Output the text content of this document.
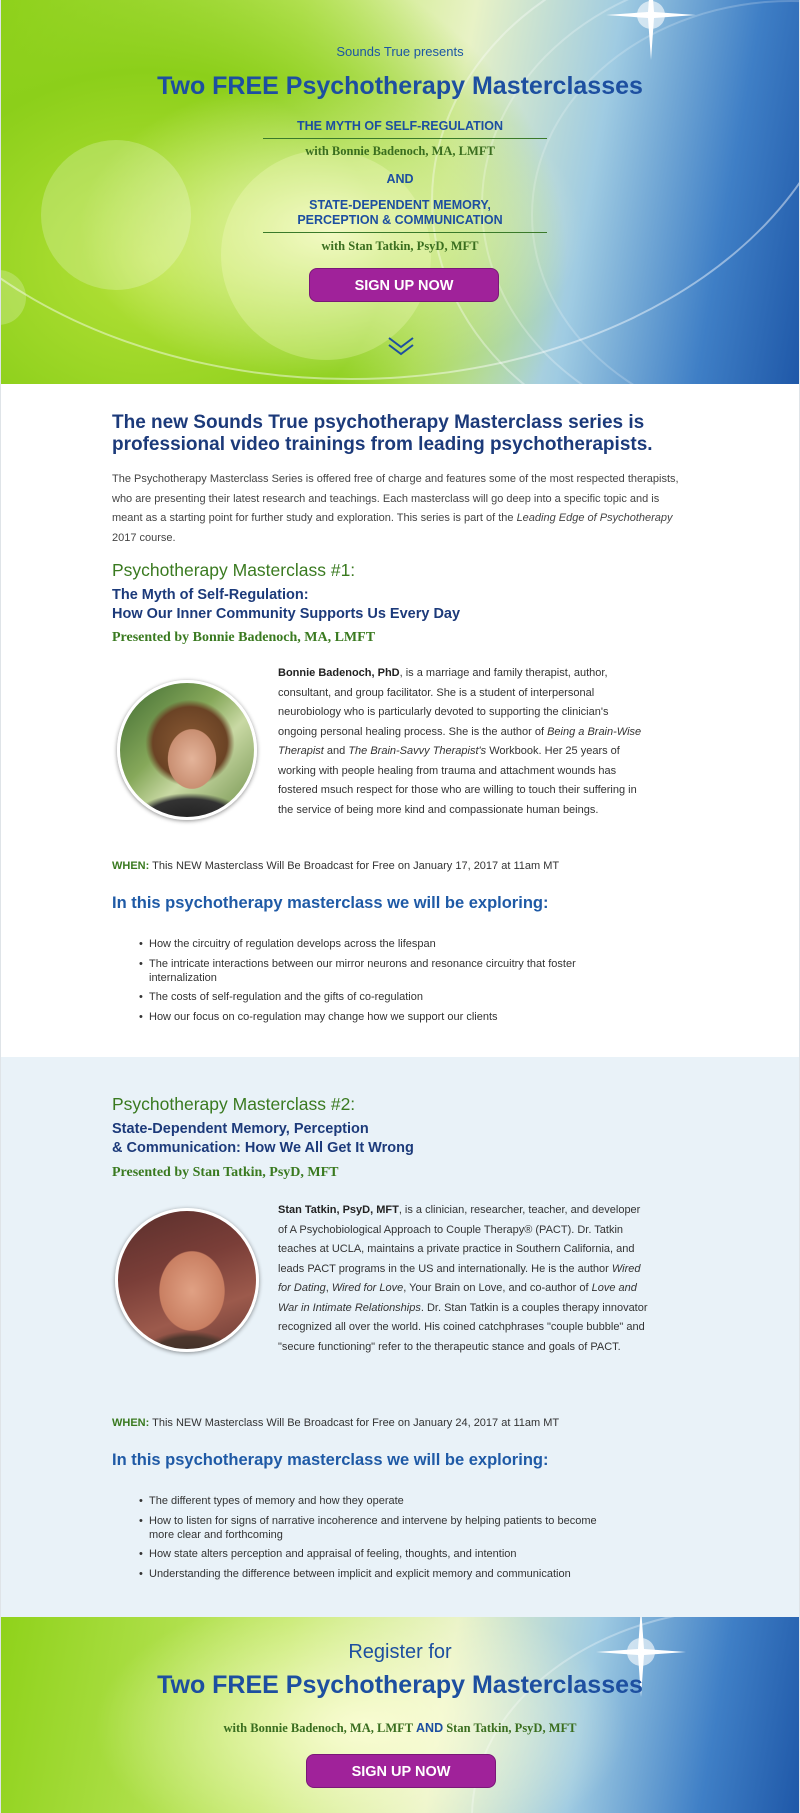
Sounds True presents
Two FREE Psychotherapy Masterclasses
THE MYTH OF SELF-REGULATION
with Bonnie Badenoch, MA, LMFT
AND
STATE-DEPENDENT MEMORY,
PERCEPTION & COMMUNICATION
with Stan Tatkin, PsyD, MFT
SIGN UP NOW
The new Sounds True psychotherapy Masterclass series is professional video trainings from leading psychotherapists.
The Psychotherapy Masterclass Series is offered free of charge and features some of the most respected therapists, who are presenting their latest research and teachings. Each masterclass will go deep into a specific topic and is meant as a starting point for further study and exploration. This series is part of the Leading Edge of Psychotherapy 2017 course.
Psychotherapy Masterclass #1:
The Myth of Self-Regulation:
How Our Inner Community Supports Us Every Day
Presented by Bonnie Badenoch, MA, LMFT
Bonnie Badenoch, PhD, is a marriage and family therapist, author, consultant, and group facilitator. She is a student of interpersonal neurobiology who is particularly devoted to supporting the clinician's ongoing personal healing process. She is the author of Being a Brain-Wise Therapist and The Brain-Savvy Therapist's Workbook. Her 25 years of working with people healing from trauma and attachment wounds has fostered msuch respect for those who are willing to touch their suffering in the service of being more kind and compassionate human beings.
WHEN: This NEW Masterclass Will Be Broadcast for Free on January 17, 2017 at 11am MT
In this psychotherapy masterclass we will be exploring:
• How the circuitry of regulation develops across the lifespan
• The intricate interactions between our mirror neurons and resonance circuitry that foster internalization
• The costs of self-regulation and the gifts of co-regulation
• How our focus on co-regulation may change how we support our clients
Psychotherapy Masterclass #2:
State-Dependent Memory, Perception
& Communication: How We All Get It Wrong
Presented by Stan Tatkin, PsyD, MFT
Stan Tatkin, PsyD, MFT, is a clinician, researcher, teacher, and developer of A Psychobiological Approach to Couple Therapy® (PACT). Dr. Tatkin teaches at UCLA, maintains a private practice in Southern California, and leads PACT programs in the US and internationally. He is the author Wired for Dating, Wired for Love, Your Brain on Love, and co-author of Love and War in Intimate Relationships. Dr. Stan Tatkin is a couples therapy innovator recognized all over the world. His coined catchphrases "couple bubble" and "secure functioning" refer to the therapeutic stance and goals of PACT.
WHEN: This NEW Masterclass Will Be Broadcast for Free on January 24, 2017 at 11am MT
In this psychotherapy masterclass we will be exploring:
• The different types of memory and how they operate
• How to listen for signs of narrative incoherence and intervene by helping patients to become more clear and forthcoming
• How state alters perception and appraisal of feeling, thoughts, and intention
• Understanding the difference between implicit and explicit memory and communication
Register for
Two FREE Psychotherapy Masterclasses
with Bonnie Badenoch, MA, LMFT AND Stan Tatkin, PsyD, MFT
SIGN UP NOW
